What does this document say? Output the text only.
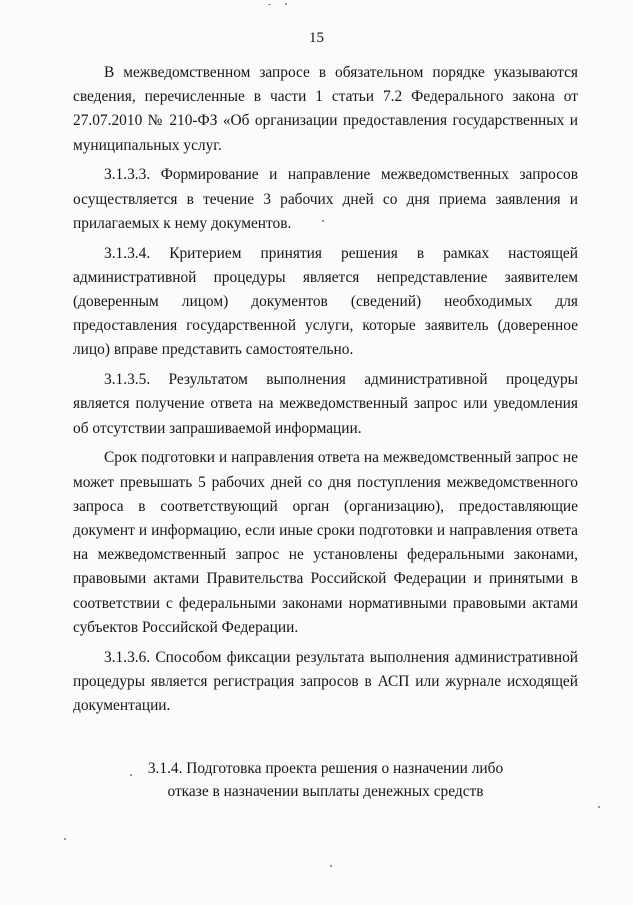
15

В межведомственном запросе в обязательном порядке указываются сведения, перечисленные в части 1 статьи 7.2 Федерального закона от 27.07.2010 № 210-ФЗ «Об организации предоставления государственных и муниципальных услуг.

3.1.3.3. Формирование и направление межведомственных запросов осуществляется в течение 3 рабочих дней со дня приема заявления и прилагаемых к нему документов.

3.1.3.4. Критерием принятия решения в рамках настоящей административной процедуры является непредставление заявителем (доверенным лицом) документов (сведений) необходимых для предоставления государственной услуги, которые заявитель (доверенное лицо) вправе представить самостоятельно.

3.1.3.5. Результатом выполнения административной процедуры является получение ответа на межведомственный запрос или уведомления об отсутствии запрашиваемой информации.

Срок подготовки и направления ответа на межведомственный запрос не может превышать 5 рабочих дней со дня поступления межведомственного запроса в соответствующий орган (организацию), предоставляющие документ и информацию, если иные сроки подготовки и направления ответа на межведомственный запрос не установлены федеральными законами, правовыми актами Правительства Российской Федерации и принятыми в соответствии с федеральными законами нормативными правовыми актами субъектов Российской Федерации.

3.1.3.6. Способом фиксации результата выполнения административной процедуры является регистрация запросов в АСП или журнале исходящей документации.

3.1.4. Подготовка проекта решения о назначении либо
отказе в назначении выплаты денежных средств
